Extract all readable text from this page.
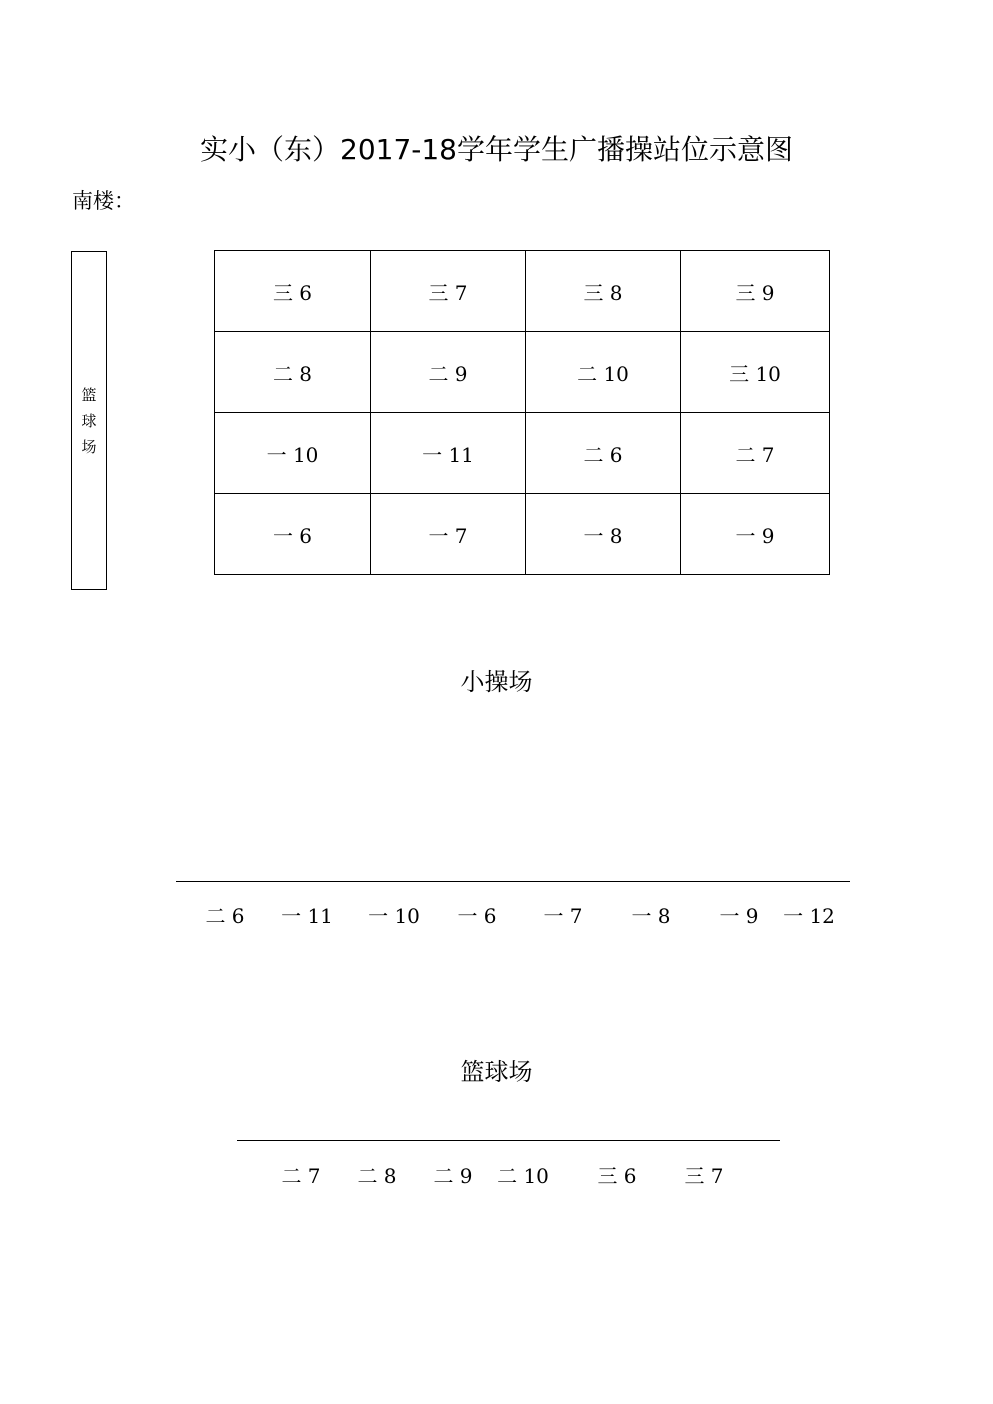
实小（东）2017-18学年学生广播操站位示意图
南楼：
篮
球
场
三 6	三 7	三 8	三 9
二 8	二 9	二 10	三 10
一 10	一 11	二 6	二 7
一 6	一 7	一 8	一 9
小操场
二 6 一 11 一 10 一 6 一 7 一 8 一 9 一 12
篮球场
二 7 二 8 二 9 二 10 三 6 三 7
